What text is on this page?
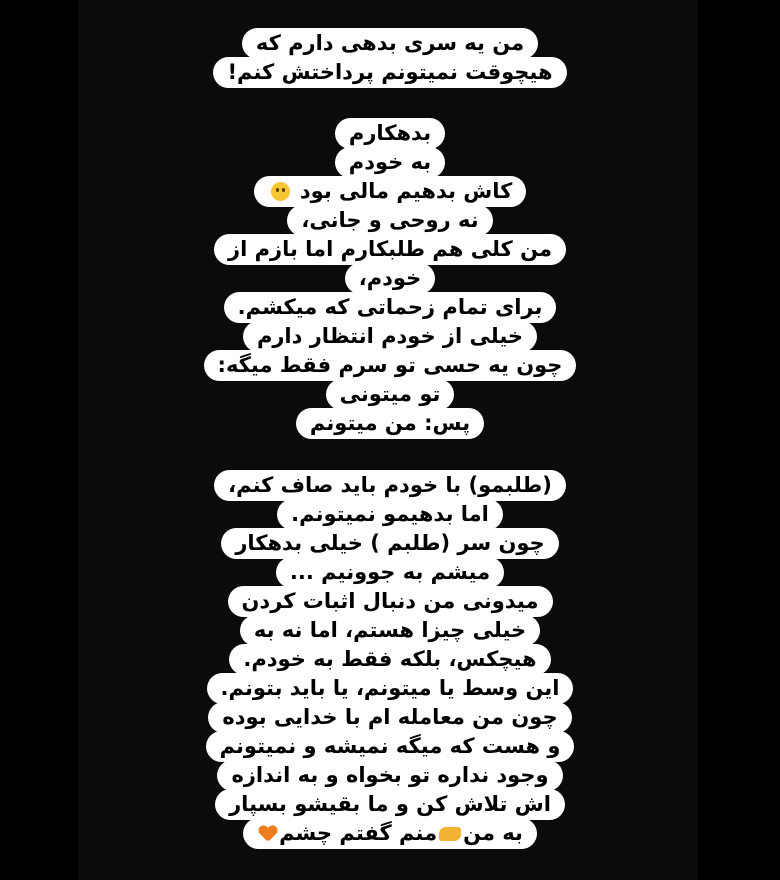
من یه سری بدهی دارم که
هیچوقت نمیتونم پرداختش کنم!
بدهکارم
به خودم
کاش بدهیم مالی بود
نه روحی و جانی،
من کلی هم طلبکارم اما بازم از
خودم،
برای تمام زحماتی که میکشم.
خیلی از خودم انتظار دارم
چون یه حسی تو سرم فقط میگه:
تو میتونی
پس: من میتونم
(طلبمو) با خودم باید صاف کنم،
اما بدهیمو نمیتونم.
چون سر (طلبم ) خیلی بدهکار
میشم به جوونیم ...
میدونی من دنبال اثبات کردن
خیلی چیزا هستم، اما نه به
هیچکس، بلکه فقط به خودم.
این وسط یا میتونم، یا باید بتونم.
چون من معامله ام با خدایی بوده
و هست که میگه نمیشه و نمیتونم
وجود نداره تو بخواه و به اندازه
اش تلاش کن و ما بقیشو بسپار
به منمنم گفتم چشم
